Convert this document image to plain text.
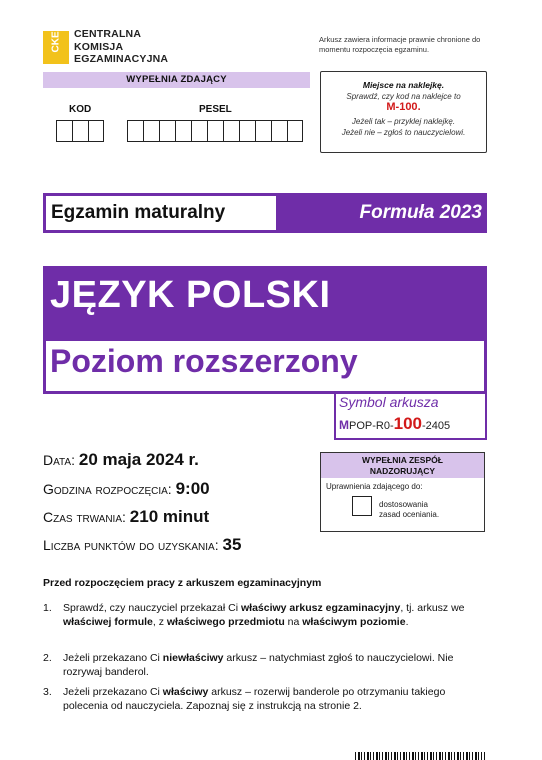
CKE CENTRALNA
KOMISJA
EGZAMINACYJNA
Arkusz zawiera informacje prawnie chronione do momentu rozpoczęcia egzaminu.
WYPEŁNIA ZDAJĄCY
KOD	PESEL
Miejsce na naklejkę.
Sprawdź, czy kod na naklejce to
M-100.
Jeżeli tak – przyklej naklejkę.
Jeżeli nie – zgłoś to nauczycielowi.
Egzamin maturalny	Formuła 2023
JĘZYK POLSKI
Poziom rozszerzony
Symbol arkusza
MPOP-R0-100-2405
Data: 20 maja 2024 r.
Godzina rozpoczęcia: 9:00
Czas trwania: 210 minut
Liczba punktów do uzyskania: 35
WYPEŁNIA ZESPÓŁ
NADZORUJĄCY
Uprawnienia zdającego do:
dostosowania
zasad oceniania.
Przed rozpoczęciem pracy z arkuszem egzaminacyjnym
1.	Sprawdź, czy nauczyciel przekazał Ci właściwy arkusz egzaminacyjny, tj. arkusz we właściwej formule, z właściwego przedmiotu na właściwym poziomie.
2.	Jeżeli przekazano Ci niewłaściwy arkusz – natychmiast zgłoś to nauczycielowi. Nie rozrywaj banderol.
3.	Jeżeli przekazano Ci właściwy arkusz – rozerwij banderole po otrzymaniu takiego polecenia od nauczyciela. Zapoznaj się z instrukcją na stronie 2.
